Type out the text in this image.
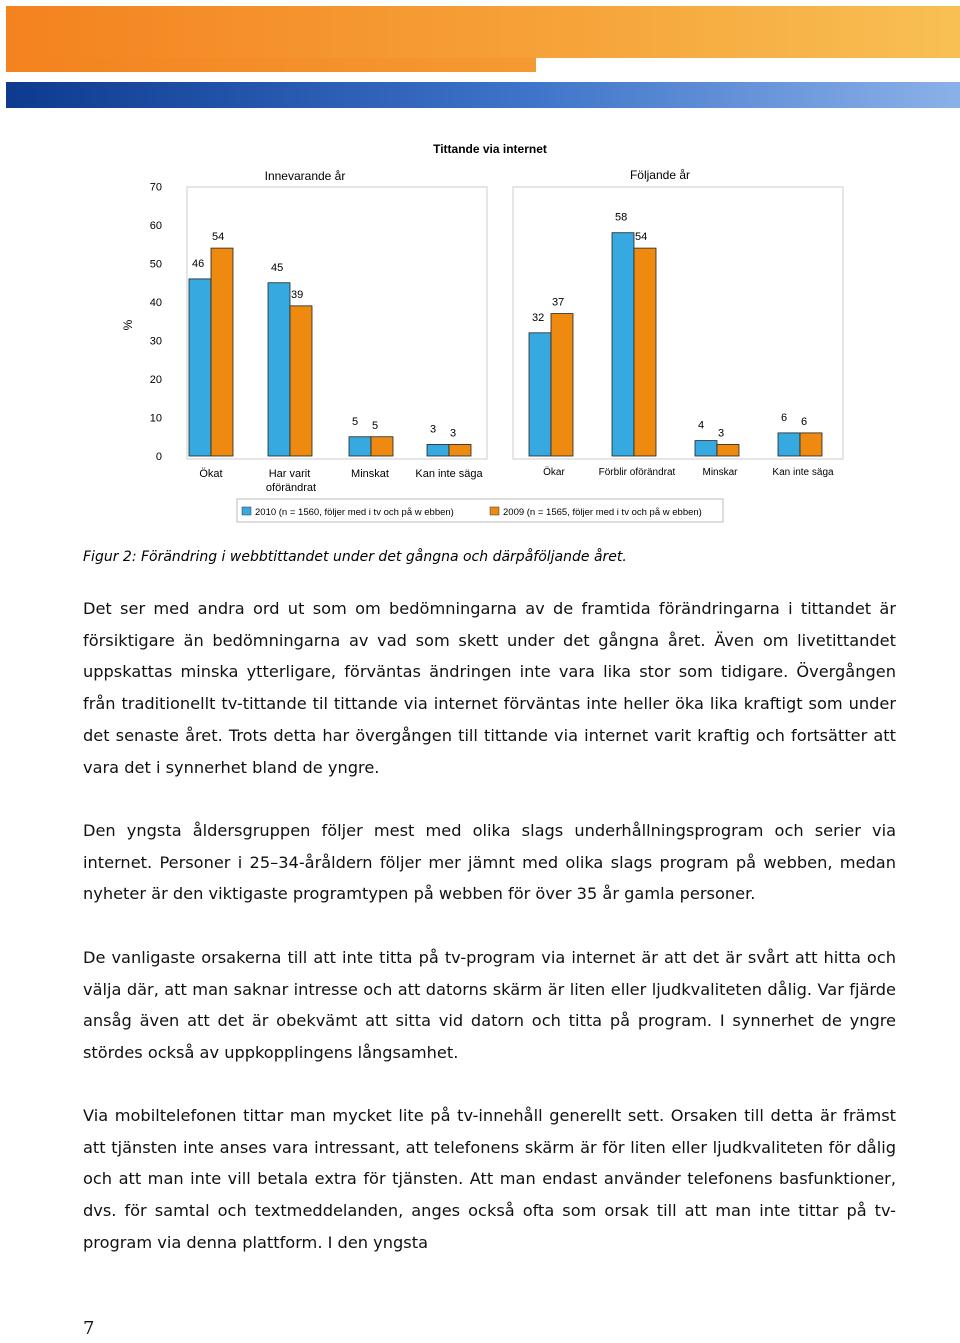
Tittande via internet
%
Innevarande år	Följande år
0
10
20
30
40
50
60
70
46	45
5
3
32
58
4
6
54
39
5
3
37
54
3
6
Ökat	Har varit oförändrat
Minskat Kan inte säga	Ökar	Förblir oförändrat	Minskar	Kan inte säga
2010 (n = 1560, följer med i tv och på w ebben)	2009 (n = 1565, följer med i tv och på w ebben)
Figur 2: Förändring i webbtittandet under det gångna och därpåföljande året.

Det ser med andra ord ut som om bedömningarna av de framtida förändringarna i tittandet är försiktigare än bedömningarna av vad som skett under det gångna året. Även om livetittandet uppskattas minska ytterligare, förväntas ändringen inte vara lika stor som tidigare. Övergången från traditionellt tv-tittande til tittande via internet förväntas inte heller öka lika kraftigt som under det senaste året. Trots detta har övergången till tittande via internet varit kraftig och fortsätter att vara det i synnerhet bland de yngre.

Den yngsta åldersgruppen följer mest med olika slags underhållningsprogram och serier via internet. Personer i 25–34-åråldern följer mer jämnt med olika slags program på webben, medan nyheter är den viktigaste programtypen på webben för över 35 år gamla personer.

De vanligaste orsakerna till att inte titta på tv-program via internet är att det är svårt att hitta och välja där, att man saknar intresse och att datorns skärm är liten eller ljudkvaliteten dålig. Var fjärde ansåg även att det är obekvämt att sitta vid datorn och titta på program. I synnerhet de yngre stördes också av uppkopplingens långsamhet.

Via mobiltelefonen tittar man mycket lite på tv-innehåll generellt sett. Orsaken till detta är främst att tjänsten inte anses vara intressant, att telefonens skärm är för liten eller ljudkvaliteten för dålig och att man inte vill betala extra för tjänsten. Att man endast använder telefonens basfunktioner, dvs. för samtal och textmeddelanden, anges också ofta som orsak till att man inte tittar på tv-program via denna plattform. I den yngsta

7
